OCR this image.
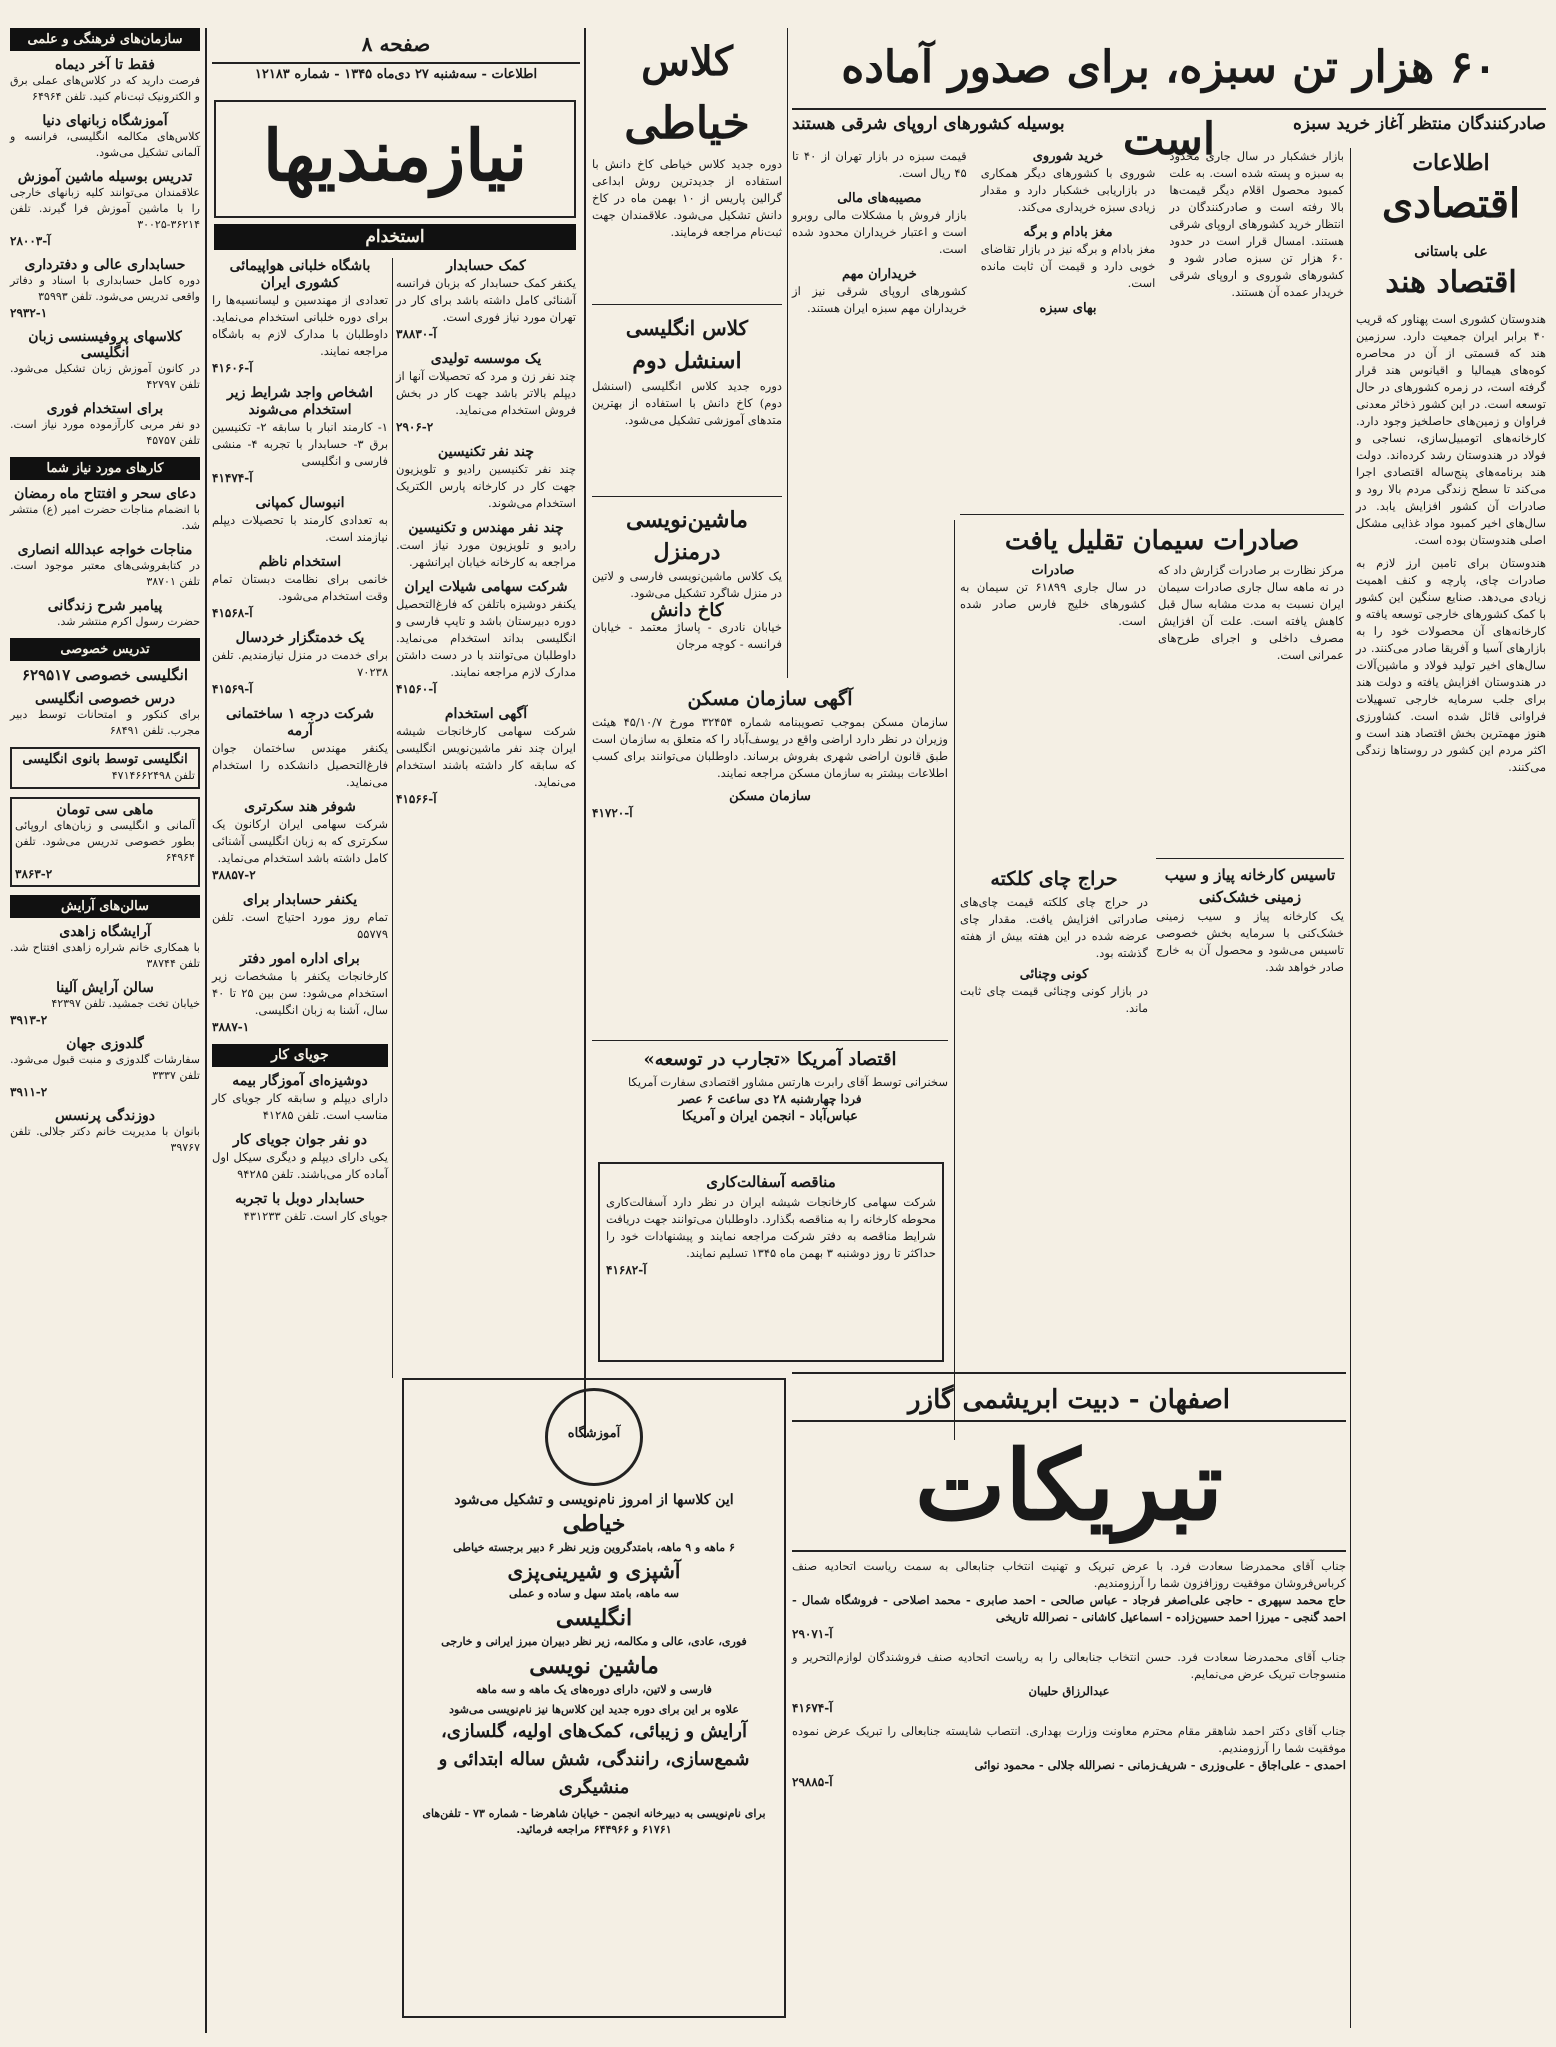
سازمان‌های فرهنگی و علمی
فقط تا آخر دیماه
فرصت دارید که در کلاس‌های عملی برق و الکترونیک ثبت‌نام کنید. تلفن ۶۴۹۶۴
آموزشگاه زبانهای دنیا
کلاس‌های مکالمه انگلیسی، فرانسه و آلمانی تشکیل می‌شود.
تدریس بوسیله ماشین آموزش
علاقمندان می‌توانند کلیه زبانهای خارجی را با ماشین آموزش فرا گیرند. تلفن ۳۶۲۱۴-۳۰۰۲۵
۲۸۰۰۳-آ
حسابداری عالی و دفترداری
دوره کامل حسابداری با اسناد و دفاتر واقعی تدریس می‌شود. تلفن ۳۵۹۹۳
۲۹۳۲-۱
کلاسهای پروفیسنسی زبان انگلیسی
در کانون آموزش زبان تشکیل می‌شود. تلفن ۴۲۷۹۷
برای استخدام فوری
دو نفر مربی کارآزموده مورد نیاز است. تلفن ۴۵۷۵۷
کارهای مورد نیاز شما
دعای سحر و افتتاح ماه رمضان
با انضمام مناجات حضرت امیر (ع) منتشر شد.
مناجات خواجه عبدالله انصاری
در کتابفروشی‌های معتبر موجود است. تلفن ۳۸۷۰۱
پیامبر شرح زندگانی
حضرت رسول اکرم منتشر شد.
تدریس خصوصی
انگلیسی خصوصی ۶۲۹۵۱۷
درس خصوصی انگلیسی
برای کنکور و امتحانات توسط دبیر مجرب. تلفن ۶۸۴۹۱
انگلیسی توسط بانوی انگلیسی
تلفن ۴۷۱۴۶۶۲۴۹۸
ماهی سی تومان
آلمانی و انگلیسی و زبان‌های اروپائی بطور خصوصی تدریس می‌شود. تلفن ۶۴۹۶۴
۳۸۶۳-۲
سالن‌های آرایش
آرایشگاه زاهدی
با همکاری خانم شراره زاهدی افتتاح شد. تلفن ۳۸۷۴۴
سالن آرایش آلینا
خیابان تخت جمشید. تلفن ۴۲۳۹۷
۳۹۱۳-۲
گلدوزی جهان
سفارشات گلدوزی و منبت قبول می‌شود. تلفن ۳۳۳۷
۳۹۱۱-۲
دوزندگی پرنسس
بانوان با مدیریت خانم دکتر جلالی. تلفن ۳۹۷۶۷
صفحه ۸
اطلاعات - سه‌شنبه ۲۷ دی‌ماه ۱۳۴۵ - شماره ۱۲۱۸۳
نیازمندیها
استخدام
کمک حسابدار
یکنفر کمک حسابدار که بزبان فرانسه آشنائی کامل داشته باشد برای کار در تهران مورد نیاز فوری است.
۳۸۸۳۰-آ
یک موسسه تولیدی
چند نفر زن و مرد که تحصیلات آنها از دیپلم بالاتر باشد جهت کار در بخش فروش استخدام می‌نماید.
۲۹۰۶-۲
چند نفر تکنیسین
چند نفر تکنیسین رادیو و تلویزیون جهت کار در کارخانه پارس الکتریک استخدام می‌شوند.
چند نفر مهندس و تکنیسین
رادیو و تلویزیون مورد نیاز است. مراجعه به کارخانه خیابان ایرانشهر.
شرکت سهامی شیلات ایران
یکنفر دوشیزه باتلفن که فارغ‌التحصیل دوره دبیرستان باشد و تایپ فارسی و انگلیسی بداند استخدام می‌نماید. داوطلبان می‌توانند با در دست داشتن مدارک لازم مراجعه نمایند.
۴۱۵۶۰-آ
آگهی استخدام
شرکت سهامی کارخانجات شیشه ایران چند نفر ماشین‌نویس انگلیسی که سابقه کار داشته باشند استخدام می‌نماید.
۴۱۵۶۶-آ
باشگاه خلبانی هواپیمائی کشوری ایران
تعدادی از مهندسین و لیسانسیه‌ها را برای دوره خلبانی استخدام می‌نماید. داوطلبان با مدارک لازم به باشگاه مراجعه نمایند.
۴۱۶۰۶-آ
اشخاص واجد شرایط زیر استخدام می‌شوند
۱- کارمند انبار با سابقه ۲- تکنیسین برق ۳- حسابدار با تجربه ۴- منشی فارسی و انگلیسی
۴۱۴۷۴-آ
انبوسال کمپانی
به تعدادی کارمند با تحصیلات دیپلم نیازمند است.
استخدام ناظم
خانمی برای نظامت دبستان تمام وقت استخدام می‌شود.
۴۱۵۶۸-آ
یک خدمتگزار خردسال
برای خدمت در منزل نیازمندیم. تلفن ۷۰۲۳۸
۴۱۵۶۹-آ
شرکت درجه ۱ ساختمانی آرمه
یکنفر مهندس ساختمان جوان فارغ‌التحصیل دانشکده را استخدام می‌نماید.
شوفر هند سکرتری
شرکت سهامی ایران ارکانون یک سکرتری که به زبان انگلیسی آشنائی کامل داشته باشد استخدام می‌نماید.
۳۸۸۵۷-۲
یکنفر حسابدار برای
تمام روز مورد احتیاج است. تلفن ۵۵۷۷۹
برای اداره امور دفتر
کارخانجات یکنفر با مشخصات زیر استخدام می‌شود: سن بین ۲۵ تا ۴۰ سال، آشنا به زبان انگلیسی.
۳۸۸۷-۱
جویای کار
دوشیزه‌ای آموزگار بیمه
دارای دیپلم و سابقه کار جویای کار مناسب است. تلفن ۴۱۲۸۵
دو نفر جوان جویای کار
یکی دارای دیپلم و دیگری سیکل اول آماده کار می‌باشند. تلفن ۹۴۲۸۵
حسابدار دوبل با تجربه
جویای کار است. تلفن ۴۳۱۲۳۳
کلاس
خیاطی
دوره جدید کلاس خیاطی کاخ دانش با استفاده از جدیدترین روش ابداعی گرالین پاریس از ۱۰ بهمن ماه در کاخ دانش تشکیل می‌شود. علاقمندان جهت ثبت‌نام مراجعه فرمایند.
کلاس انگلیسی
اسنشل دوم
دوره جدید کلاس انگلیسی (اسنشل دوم) کاخ دانش با استفاده از بهترین متدهای آموزشی تشکیل می‌شود.
ماشین‌نویسی
درمنزل
یک کلاس ماشین‌نویسی فارسی و لاتین در منزل شاگرد تشکیل می‌شود.
کاخ دانش
خیابان نادری - پاساژ معتمد - خیابان فرانسه - کوچه مرجان
۶۰ هزار تن سبزه، برای صدور آماده است	صادرکنندگان منتظر آغاز خرید سبزه
بوسیله کشورهای اروپای شرقی هستند
اطلاعات
اقتصادی
علی باستانی
اقتصاد هند
هندوستان کشوری است پهناور که قریب ۴۰ برابر ایران جمعیت دارد. سرزمین هند که قسمتی از آن در محاصره کوه‌های هیمالیا و اقیانوس هند قرار گرفته است، در زمره کشورهای در حال توسعه است. در این کشور ذخائر معدنی فراوان و زمین‌های حاصلخیز وجود دارد. کارخانه‌های اتومبیل‌سازی، نساجی و فولاد در هندوستان رشد کرده‌اند. دولت هند برنامه‌های پنج‌ساله اقتصادی اجرا می‌کند تا سطح زندگی مردم بالا رود و صادرات آن کشور افزایش یابد. در سال‌های اخیر کمبود مواد غذایی مشکل اصلی هندوستان بوده است.
هندوستان برای تامین ارز لازم به صادرات چای، پارچه و کنف اهمیت زیادی می‌دهد. صنایع سنگین این کشور با کمک کشورهای خارجی توسعه یافته و کارخانه‌های آن محصولات خود را به بازارهای آسیا و آفریقا صادر می‌کنند. در سال‌های اخیر تولید فولاد و ماشین‌آلات در هندوستان افزایش یافته و دولت هند برای جلب سرمایه خارجی تسهیلات فراوانی قائل شده است. کشاورزی هنوز مهمترین بخش اقتصاد هند است و اکثر مردم این کشور در روستاها زندگی می‌کنند.
بازار خشکبار در سال جاری محدود به سبزه و پسته شده است. به علت کمبود محصول اقلام دیگر قیمت‌ها بالا رفته است و صادرکنندگان در انتظار خرید کشورهای اروپای شرقی هستند. امسال قرار است در حدود ۶۰ هزار تن سبزه صادر شود و کشورهای شوروی و اروپای شرقی خریدار عمده آن هستند.
خرید شوروی
شوروی با کشورهای دیگر همکاری در بازاریابی خشکبار دارد و مقدار زیادی سبزه خریداری می‌کند.
مغز بادام و برگه
مغز بادام و برگه نیز در بازار تقاضای خوبی دارد و قیمت آن ثابت مانده است.
بهای سبزه
قیمت سبزه در بازار تهران از ۴۰ تا ۴۵ ریال است.
مصیبه‌های مالی
بازار فروش با مشکلات مالی روبرو است و اعتبار خریداران محدود شده است.
خریداران مهم
کشورهای اروپای شرقی نیز از خریداران مهم سبزه ایران هستند.
صادرات سیمان تقلیل یافت
مرکز نظارت بر صادرات گزارش داد که در نه ماهه سال جاری صادرات سیمان ایران نسبت به مدت مشابه سال قبل کاهش یافته است. علت آن افزایش مصرف داخلی و اجرای طرح‌های عمرانی است.
صادرات
در سال جاری ۶۱۸۹۹ تن سیمان به کشورهای خلیج فارس صادر شده است.
تاسیس کارخانه پیاز و سیب زمینی خشک‌کنی
یک کارخانه پیاز و سیب زمینی خشک‌کنی با سرمایه بخش خصوصی تاسیس می‌شود و محصول آن به خارج صادر خواهد شد.
حراج چای کلکته
در حراج چای کلکته قیمت چای‌های صادراتی افزایش یافت. مقدار چای عرضه شده در این هفته بیش از هفته گذشته بود.
کونی وچنائی
در بازار کونی وچنائی قیمت چای ثابت ماند.
آگهی سازمان مسکن
سازمان مسکن بموجب تصویبنامه شماره ۳۲۴۵۴ مورخ ۴۵/۱۰/۷ هیئت وزیران در نظر دارد اراضی واقع در یوسف‌آباد را که متعلق به سازمان است طبق قانون اراضی شهری بفروش برساند. داوطلبان می‌توانند برای کسب اطلاعات بیشتر به سازمان مسکن مراجعه نمایند.
سازمان مسکن
۴۱۷۲۰-آ
اقتصاد آمریکا «تجارب در توسعه»
سخنرانی توسط آقای رابرت هارتس مشاور اقتصادی سفارت آمریکا
فردا چهارشنبه ۲۸ دی ساعت ۶ عصر
عباس‌آباد - انجمن ایران و آمریکا
مناقصه آسفالت‌کاری
شرکت سهامی کارخانجات شیشه ایران در نظر دارد آسفالت‌کاری محوطه کارخانه را به مناقصه بگذارد. داوطلبان می‌توانند جهت دریافت شرایط مناقصه به دفتر شرکت مراجعه نمایند و پیشنهادات خود را حداکثر تا روز دوشنبه ۳ بهمن ماه ۱۳۴۵ تسلیم نمایند.
۴۱۶۸۲-آ
آموزشگاه
این کلاسها از امروز نام‌نویسی و تشکیل می‌شود
خیاطی
۶ ماهه و ۹ ماهه، بامتدگروین وزیر نظر ۶ دبیر برجسته خیاطی
آشپزی و شیرینی‌پزی
سه ماهه، بامتد سهل و ساده و عملی
انگلیسی
فوری، عادی، عالی و مکالمه، زیر نظر دبیران مبرز ایرانی و خارجی
ماشین نویسی
فارسی و لاتین، دارای دوره‌های یک ماهه و سه ماهه
علاوه بر این برای دوره جدید این کلاس‌ها نیز نام‌نویسی می‌شود
آرایش و زیبائی، کمک‌های اولیه، گلسازی، شمع‌سازی، رانندگی، شش ساله ابتدائی و منشیگری
برای نام‌نویسی به دبیرخانه انجمن - خیابان شاهرضا - شماره ۷۳ - تلفن‌های ۶۱۷۶۱ و ۶۴۴۹۶۶ مراجعه فرمائید.
اصفهان - دبیت ابریشمی گازر
تبریکات
جناب آقای محمدرضا سعادت فرد. با عرض تبریک و تهنیت انتخاب جنابعالی به سمت ریاست اتحادیه صنف کرباس‌فروشان موفقیت روزافزون شما را آرزومندیم.
حاج محمد سپهری - حاجی علی‌اصغر فرجاد - عباس صالحی - احمد صابری - محمد اصلاحی - فروشگاه شمال - احمد گنجی - میرزا احمد حسین‌زاده - اسماعیل کاشانی - نصرالله تاریخی
آ-۲۹۰۷۱
جناب آقای محمدرضا سعادت فرد. حسن انتخاب جنابعالی را به ریاست اتحادیه صنف فروشندگان لوازم‌التحریر و منسوجات تبریک عرض می‌نمایم.
عبدالرزاق حلیبان
آ-۴۱۶۷۴
جناب آقای دکتر احمد شاهقر مقام محترم معاونت وزارت بهداری. انتصاب شایسته جنابعالی را تبریک عرض نموده موفقیت شما را آرزومندیم.
احمدی - علی‌اجاق - علی‌وزری - شریف‌زمانی - نصرالله جلالی - محمود نوائی
آ-۲۹۸۸۵
